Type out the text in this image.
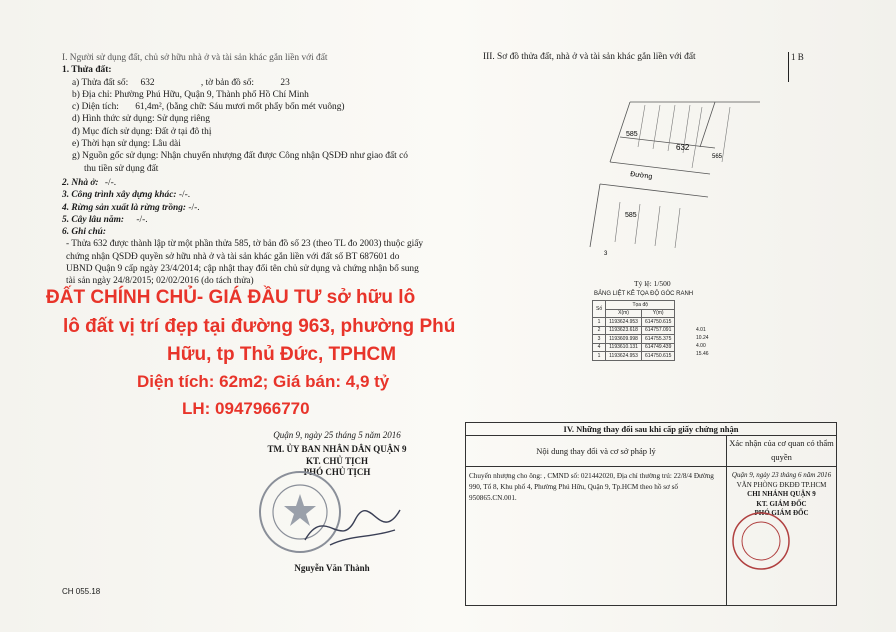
I. Người sử dụng đất, chủ sở hữu nhà ở và tài sản khác gắn liền với đất
1. Thửa đất:
a) Thửa đất số: 632	, tờ bản đồ số:	23
b) Địa chỉ: Phường Phú Hữu, Quận 9, Thành phố Hồ Chí Minh
c) Diện tích: 61,4m², (bằng chữ: Sáu mươi mốt phẩy bốn mét vuông)
d) Hình thức sử dụng: Sử dụng riêng
đ) Mục đích sử dụng: Đất ở tại đô thị
e) Thời hạn sử dụng: Lâu dài
g) Nguồn gốc sử dụng: Nhận chuyển nhượng đất được Công nhận QSDĐ như giao đất có
thu tiền sử dụng đất
2. Nhà ở: -/-.
3. Công trình xây dựng khác: -/-.
4. Rừng sản xuất là rừng trồng: -/-.
5. Cây lâu năm: -/-.
6. Ghi chú:
- Thửa 632 được thành lập từ một phần thửa 585, tờ bản đồ số 23 (theo TL đo 2003) thuộc giấy chứng nhận QSDĐ quyền sở hữu nhà ở và tài sản khác gắn liền với đất số BT 687601 do UBND Quận 9 cấp ngày 23/4/2014; cập nhật thay đổi tên chủ sử dụng và chứng nhận bổ sung tài sản ngày 24/8/2015; 02/02/2016 (do tách thửa)
ĐẤT CHÍNH CHỦ- GIÁ ĐẦU TƯ sở hữu lô
lô đất vị trí đẹp tại đường 963, phường Phú
Hữu, tp Thủ Đức, TPHCM
Diện tích: 62m2; Giá bán: 4,9 tỷ
LH: 0947966770
Quận 9, ngày 25 tháng 5 năm 2016
TM. ỦY BAN NHÂN DÂN QUẬN 9
KT. CHỦ TỊCH
PHÓ CHỦ TỊCH
Nguyễn Văn Thành
III. Sơ đồ thửa đất, nhà ở và tài sản khác gắn liền với đất	1 B
585
632
565
Đường
585
3
Tỷ lệ: 1/500
BẢNG LIỆT KÊ TỌA ĐỘ GÓC RANH
Số	Tọa độ	
	X(m)	Y(m)
1	1193624.953	614750.615
2	1193623.618	614757.091
3	1193609.998	614755.375
4	1193610.131	614749.439
1	1193624.953	614750.615
4.01
10.24
4.00
15.46
IV. Những thay đổi sau khi cấp giấy chứng nhận
Nội dung thay đổi và cơ sở pháp lý
Chuyển nhượng cho ông: , CMND số: 021442020, Địa chỉ thường trú: 22/8/4 Đường 990, Tổ 8, Khu phố 4, Phường Phú Hữu, Quận 9, Tp.HCM theo hồ sơ số 950865.CN.001.
Xác nhận của cơ quan có thẩm quyền
Quận 9, ngày 23 tháng 6 năm 2016
VĂN PHÒNG ĐKĐĐ TP.HCM
CHI NHÁNH QUẬN 9
KT. GIÁM ĐỐC
PHÓ GIÁM ĐỐC
CH 055.18
